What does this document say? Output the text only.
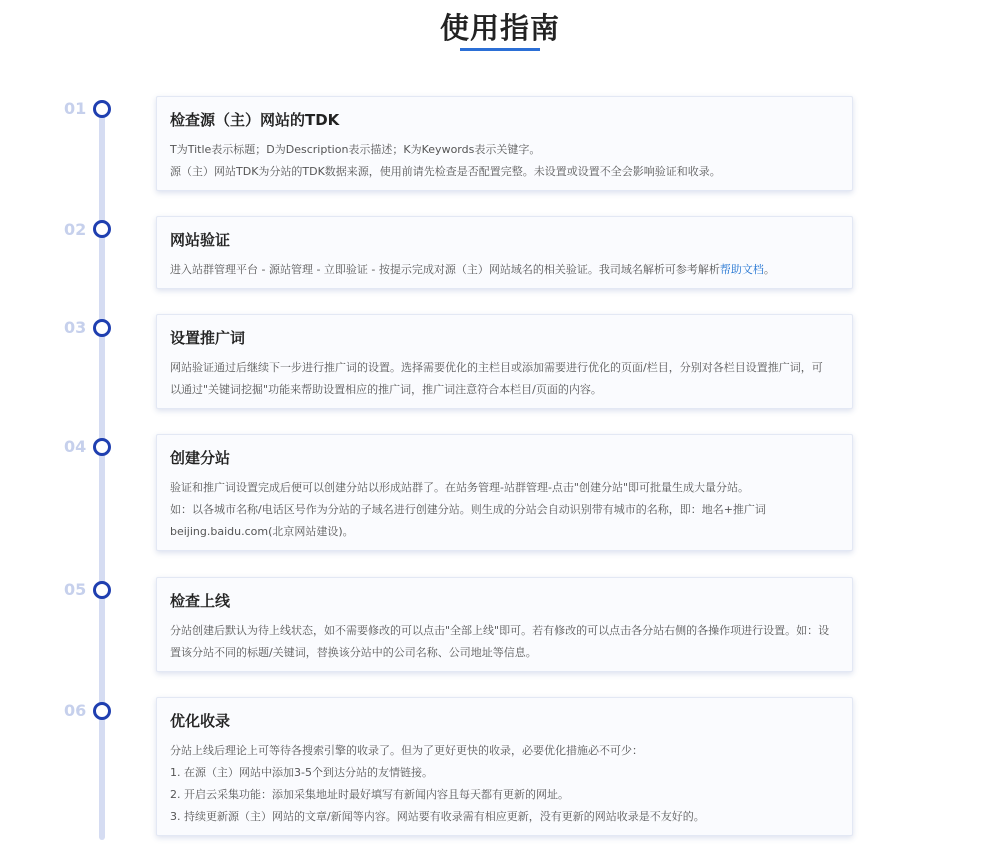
使用指南
01
检查源（主）网站的TDK
T为Title表示标题；D为Description表示描述；K为Keywords表示关键字。
源（主）网站TDK为分站的TDK数据来源，使用前请先检查是否配置完整。未设置或设置不全会影响验证和收录。
02
网站验证
进入站群管理平台 - 源站管理 - 立即验证 - 按提示完成对源（主）网站域名的相关验证。我司域名解析可参考解析帮助文档。
03
设置推广词
网站验证通过后继续下一步进行推广词的设置。选择需要优化的主栏目或添加需要进行优化的页面/栏目，分别对各栏目设置推广词，可
以通过"关键词挖掘"功能来帮助设置相应的推广词，推广词注意符合本栏目/页面的内容。
04
创建分站
验证和推广词设置完成后便可以创建分站以形成站群了。在站务管理-站群管理-点击"创建分站"即可批量生成大量分站。
如：以各城市名称/电话区号作为分站的子域名进行创建分站。则生成的分站会自动识别带有城市的名称，即：地名+推广词
beijing.baidu.com(北京网站建设)。
05
检查上线
分站创建后默认为待上线状态，如不需要修改的可以点击"全部上线"即可。若有修改的可以点击各分站右侧的各操作项进行设置。如：设
置该分站不同的标题/关键词，替换该分站中的公司名称、公司地址等信息。
06
优化收录
分站上线后理论上可等待各搜索引擎的收录了。但为了更好更快的收录，必要优化措施必不可少：
1. 在源（主）网站中添加3-5个到达分站的友情链接。
2. 开启云采集功能：添加采集地址时最好填写有新闻内容且每天都有更新的网址。
3. 持续更新源（主）网站的文章/新闻等内容。网站要有收录需有相应更新，没有更新的网站收录是不友好的。
